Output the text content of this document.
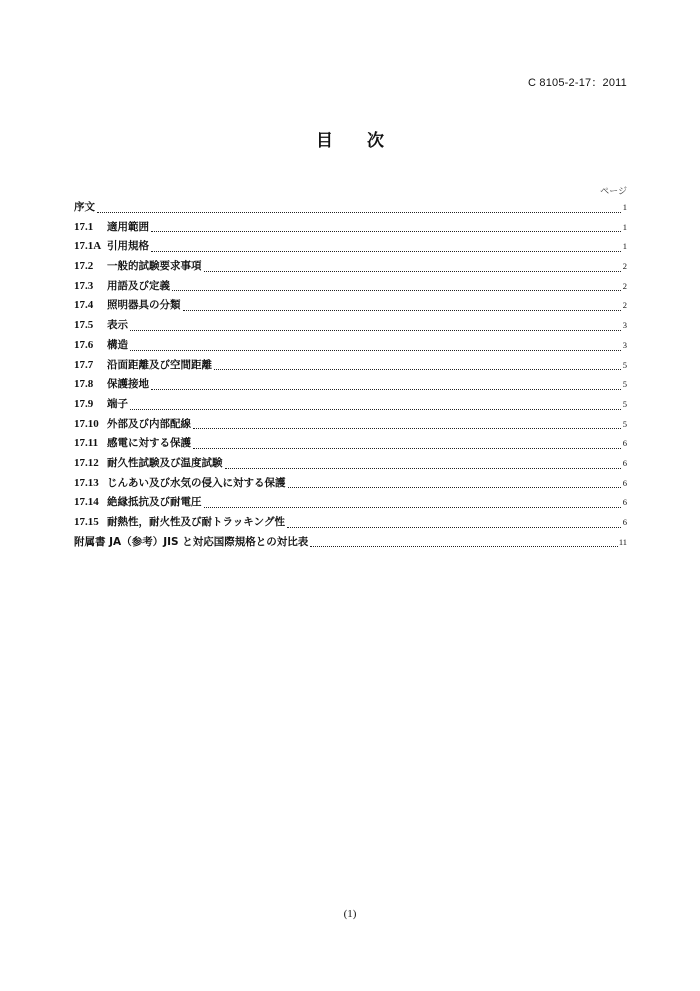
C 8105-2-17：2011
目 次
ページ
序文	1
17.1	適用範囲	1
17.1A 引用規格	1
17.2	一般的試験要求事項	2
17.3	用語及び定義	2
17.4	照明器具の分類	2
17.5	表示	3
17.6	構造	3
17.7	沿面距離及び空間距離	5
17.8	保護接地	5
17.9	端子	5
17.10 外部及び内部配線	5
17.11 感電に対する保護	6
17.12 耐久性試験及び温度試験	6
17.13 じんあい及び水気の侵入に対する保護	6
17.14 絶縁抵抗及び耐電圧	6
17.15 耐熱性，耐火性及び耐トラッキング性	6
附属書 JA（参考）JIS と対応国際規格との対比表	11
(1)
